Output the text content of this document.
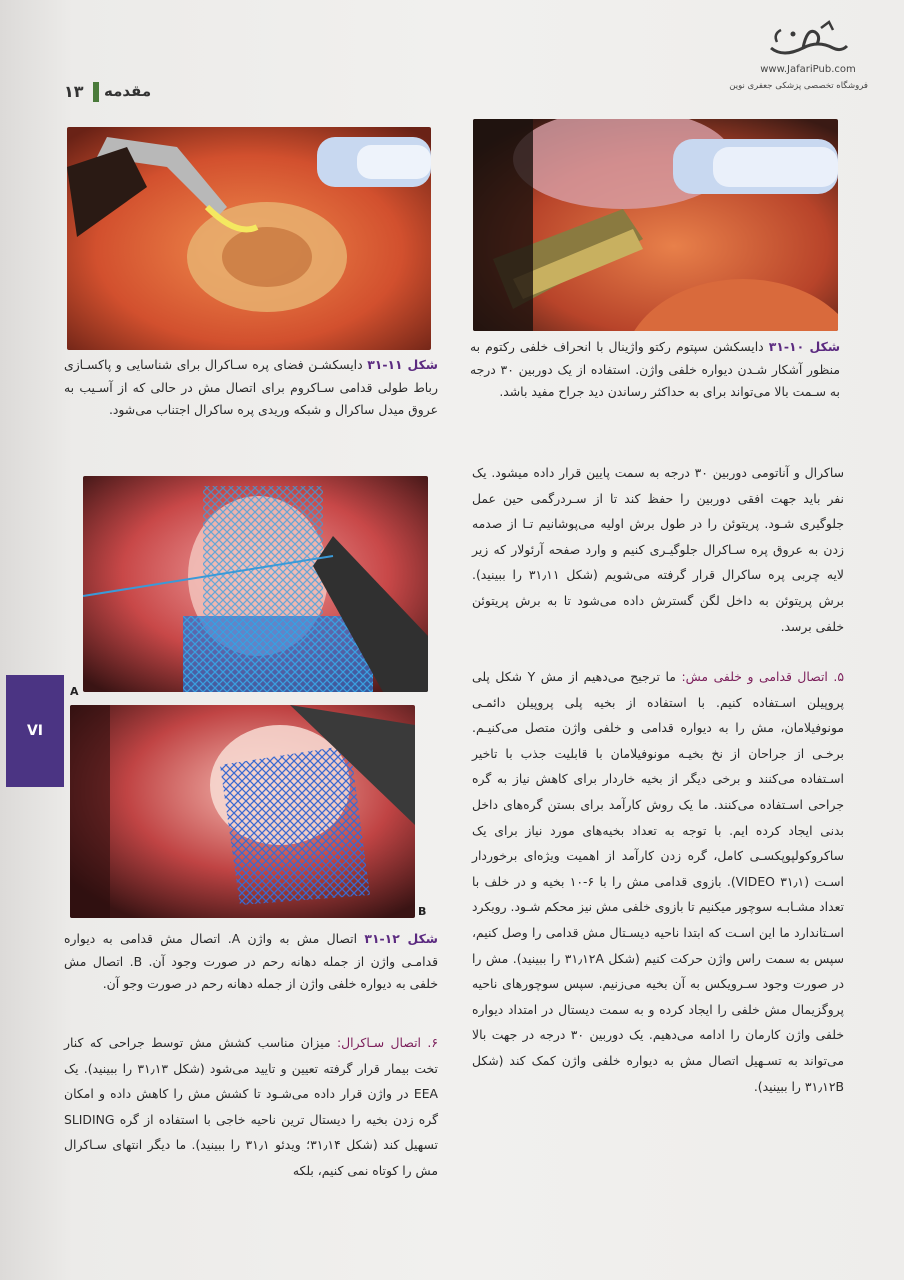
۱۳ مقدمه
www.JafariPub.com
فروشگاه تخصصی پزشکی جعفری نوین
شکل ۱۰-۳۱ دایسکشن سپتوم رکتو واژینال با انحراف خلفی رکتوم به منظور آشکار شـدن دیواره خلفی واژن. استفاده از یک دوربین ۳۰ درجه به سـمت بالا می‌تواند برای به حداکثر رساندن دید جراح مفید باشد.
شکل ۱۱-۳۱ دایسکشـن فضای پره سـاکرال برای شناسایی و پاکسـازی رباط طولی قدامی سـاکروم برای اتصال مش در حالی که از آسـیب به عروق میدل ساکرال و شبکه وریدی پره ساکرال اجتناب می‌شود.
A
B
شکل ۱۲-۳۱ اتصال مش به واژن A. اتصال مش قدامی به دیواره قدامـی واژن از جمله دهانه رحم در صورت وجود آن. B. اتصال مش خلفی به دیواره خلفی واژن از جمله دهانه رحم در صورت وجو آن.
VI
ساکرال و آناتومی دوربین ۳۰ درجه به سمت پایین قرار داده میشود. یک نفر باید جهت افقی دوربین را حفظ کند تا از سـردرگمی حین عمل جلوگیری شـود. پریتوئن را در طول برش اولیه می‌پوشانیم تـا از صدمه زدن به عروق پره سـاکرال جلوگیـری کنیم و وارد صفحه آرئولار که زیر لایه چربی پره ساکرال قرار گرفته می‌شویم (شکل ۳۱٫۱۱ را ببینید). برش پریتوئن به داخل لگن گسترش داده می‌شود تا به برش پریتوئن خلفی برسد.
۵. اتصال قدامی و خلفی مش: ما ترجیح می‌دهیم از مش Y شکل پلی پروپیلن اسـتفاده کنیم. با استفاده از بخیه پلی پروپیلن دائمـی مونوفیلامان، مش را به دیواره قدامی و خلفی واژن متصل می‌کنیـم. برخـی از جراحان از نخ بخیـه مونوفیلامان با قابلیت جذب با تاخیر اسـتفاده می‌کنند و برخی دیگر از بخیه خاردار برای کاهش نیاز به گره جراحی اسـتفاده می‌کنند. ما یک روش کارآمد برای بستن گره‌های داخل بدنی ایجاد کرده ایم. با توجه به تعداد بخیه‌های مورد نیاز برای یک ساکروکولپوپکسـی کامل، گره زدن کارآمد از اهمیت ویژه‌ای برخوردار اسـت (VIDEO ۳۱٫۱). بازوی قدامی مش را با ۶-۱۰ بخیه و در خلف با تعداد مشـابـه سوچور میکنیم تا بازوی خلفی مش نیز محکم شـود. رویکرد اسـتاندارد ما این اسـت که ابتدا ناحیه دیسـتال مش قدامی را وصل کنیم، سپس به سمت راس واژن حرکت کنیم (شکل ۳۱٫۱۲A را ببینید). مش را در صورت وجود سـرویکس به آن بخیه می‌زنیم. سپس سوچورهای ناحیه پروگزیمال مش خلفی را ایجاد کرده و به سمت دیستال در امتداد دیواره خلفی واژن کارمان را ادامه می‌دهیم. یک دوربین ۳۰ درجه در جهت بالا می‌تواند به تسـهیل اتصال مش به دیواره خلفی واژن کمک کند (شکل ۳۱٫۱۲B را ببینید).
۶. اتصال سـاکرال: میزان مناسب کشش مش توسط جراحی که کنار تخت بیمار قرار گرفته تعیین و تایید می‌شود (شکل ۳۱٫۱۳ را ببینید). یک EEA در واژن قرار داده می‌شـود تا کشش مش را کاهش داده و امکان گره زدن بخیه را دیستال ترین ناحیه خاجی با استفاده از گره SLIDING تسهیل کند (شکل ۳۱٫۱۴؛ ویدئو ۳۱٫۱ را ببینید). ما دیگر انتهای سـاکرال مش را کوتاه نمی کنیم، بلکه
